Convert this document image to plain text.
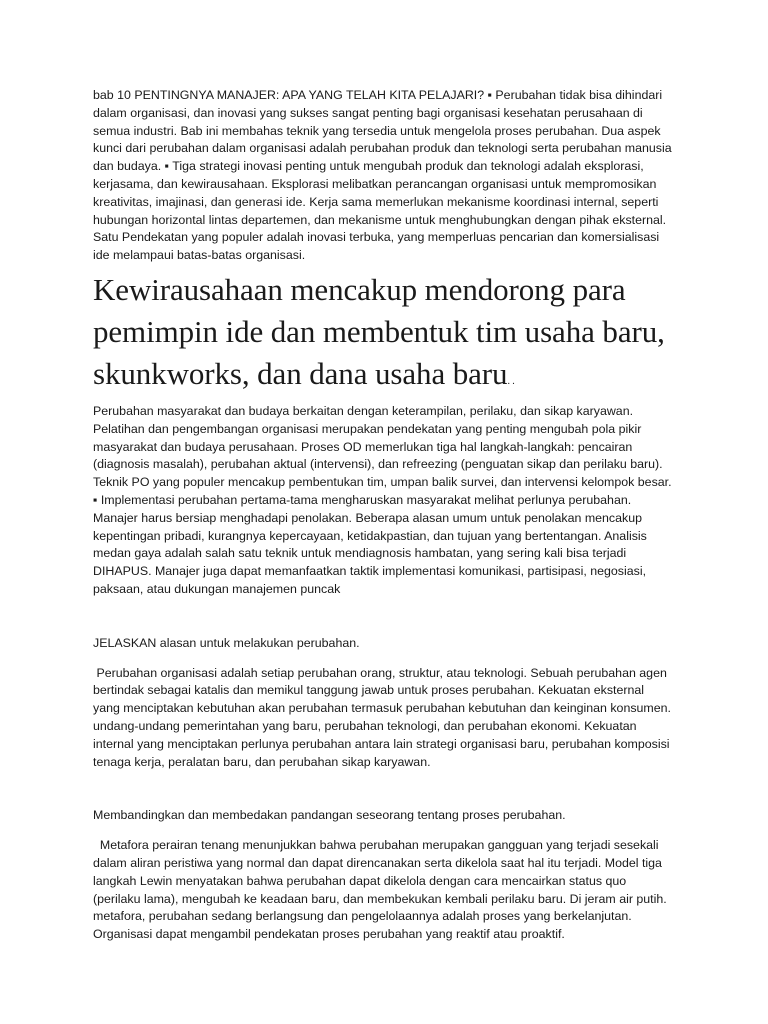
bab 10 PENTINGNYA MANAJER: APA YANG TELAH KITA PELAJARI? ▪ Perubahan tidak bisa dihindari dalam organisasi, dan inovasi yang sukses sangat penting bagi organisasi kesehatan perusahaan di semua industri. Bab ini membahas teknik yang tersedia untuk mengelola proses perubahan. Dua aspek kunci dari perubahan dalam organisasi adalah perubahan produk dan teknologi serta perubahan manusia dan budaya. ▪ Tiga strategi inovasi penting untuk mengubah produk dan teknologi adalah eksplorasi, kerjasama, dan kewirausahaan. Eksplorasi melibatkan perancangan organisasi untuk mempromosikan kreativitas, imajinasi, dan generasi ide. Kerja sama memerlukan mekanisme koordinasi internal, seperti hubungan horizontal lintas departemen, dan mekanisme untuk menghubungkan dengan pihak eksternal. Satu Pendekatan yang populer adalah inovasi terbuka, yang memperluas pencarian dan komersialisasi ide melampaui batas-batas organisasi.

Kewirausahaan mencakup mendorong para pemimpin ide dan membentuk tim usaha baru, skunkworks, dan dana usaha baru. .

Perubahan masyarakat dan budaya berkaitan dengan keterampilan, perilaku, dan sikap karyawan. Pelatihan dan pengembangan organisasi merupakan pendekatan yang penting mengubah pola pikir masyarakat dan budaya perusahaan. Proses OD memerlukan tiga hal langkah-langkah: pencairan (diagnosis masalah), perubahan aktual (intervensi), dan refreezing (penguatan sikap dan perilaku baru). Teknik PO yang populer mencakup pembentukan tim, umpan balik survei, dan intervensi kelompok besar. ▪ Implementasi perubahan pertama-tama mengharuskan masyarakat melihat perlunya perubahan. Manajer harus bersiap menghadapi penolakan. Beberapa alasan umum untuk penolakan mencakup kepentingan pribadi, kurangnya kepercayaan, ketidakpastian, dan tujuan yang bertentangan. Analisis medan gaya adalah salah satu teknik untuk mendiagnosis hambatan, yang sering kali bisa terjadi DIHAPUS. Manajer juga dapat memanfaatkan taktik implementasi komunikasi, partisipasi, negosiasi, paksaan, atau dukungan manajemen puncak

JELASKAN alasan untuk melakukan perubahan.

Perubahan organisasi adalah setiap perubahan orang, struktur, atau teknologi. Sebuah perubahan agen bertindak sebagai katalis dan memikul tanggung jawab untuk proses perubahan. Kekuatan eksternal yang menciptakan kebutuhan akan perubahan termasuk perubahan kebutuhan dan keinginan konsumen. undang-undang pemerintahan yang baru, perubahan teknologi, dan perubahan ekonomi. Kekuatan internal yang menciptakan perlunya perubahan antara lain strategi organisasi baru, perubahan komposisi tenaga kerja, peralatan baru, dan perubahan sikap karyawan.

Membandingkan dan membedakan pandangan seseorang tentang proses perubahan.

Metafora perairan tenang menunjukkan bahwa perubahan merupakan gangguan yang terjadi sesekali dalam aliran peristiwa yang normal dan dapat direncanakan serta dikelola saat hal itu terjadi. Model tiga langkah Lewin menyatakan bahwa perubahan dapat dikelola dengan cara mencairkan status quo (perilaku lama), mengubah ke keadaan baru, dan membekukan kembali perilaku baru. Di jeram air putih. metafora, perubahan sedang berlangsung dan pengelolaannya adalah proses yang berkelanjutan. Organisasi dapat mengambil pendekatan proses perubahan yang reaktif atau proaktif.
